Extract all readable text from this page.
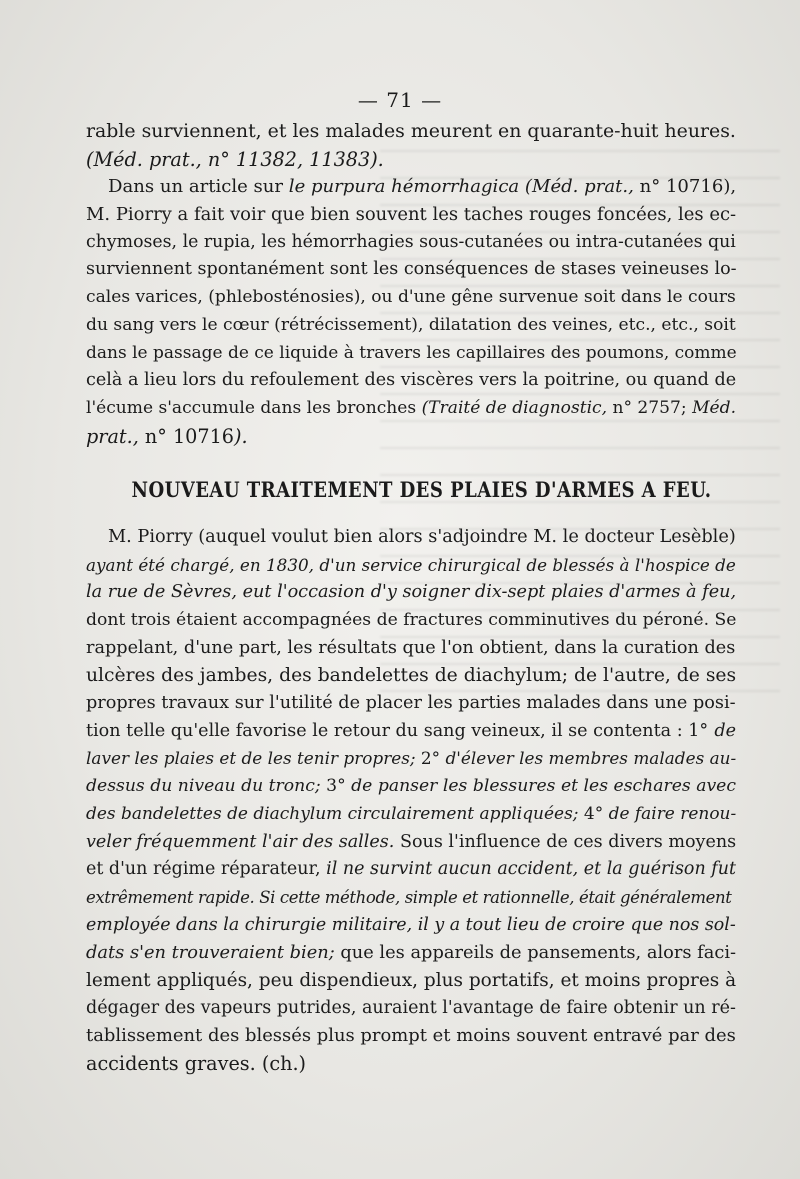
— 71 —
rable surviennent, et les malades meurent en quarante-huit heures.
(Méd. prat., n° 11382, 11383).
Dans un article sur le purpura hémorrhagica (Méd. prat., n° 10716),
M. Piorry a fait voir que bien souvent les taches rouges foncées, les ec-
chymoses, le rupia, les hémorrhagies sous-cutanées ou intra-cutanées qui
surviennent spontanément sont les conséquences de stases veineuses lo-
cales varices, (phlebosténosies), ou d'une gêne survenue soit dans le cours
du sang vers le cœur (rétrécissement), dilatation des veines, etc., etc., soit
dans le passage de ce liquide à travers les capillaires des poumons, comme
celà a lieu lors du refoulement des viscères vers la poitrine, ou quand de
l'écume s'accumule dans les bronches (Traité de diagnostic, n° 2757; Méd.
prat., n° 10716 ).
NOUVEAU TRAITEMENT DES PLAIES D'ARMES A FEU.
M. Piorry (auquel voulut bien alors s'adjoindre M. le docteur Lesèble)
ayant été chargé, en 1830, d'un service chirurgical de blessés à l'hospice de
la rue de Sèvres, eut l'occasion d'y soigner dix-sept plaies d'armes à feu,
dont trois étaient accompagnées de fractures comminutives du péroné. Se
rappelant, d'une part, les résultats que l'on obtient, dans la curation des
ulcères des jambes, des bandelettes de diachylum; de l'autre, de ses
propres travaux sur l'utilité de placer les parties malades dans une posi-
tion telle qu'elle favorise le retour du sang veineux, il se contenta : 1° de
laver les plaies et de les tenir propres; 2° d'élever les membres malades au-
dessus du niveau du tronc; 3° de panser les blessures et les eschares avec
des bandelettes de diachylum circulairement appliquées; 4° de faire renou-
veler fréquemment l'air des salles. Sous l'influence de ces divers moyens
et d'un régime réparateur, il ne survint aucun accident, et la guérison fut
extrêmement rapide. Si cette méthode, simple et rationnelle, était généralement
employée dans la chirurgie militaire, il y a tout lieu de croire que nos sol-
dats s'en trouveraient bien; que les appareils de pansements, alors faci-
lement appliqués, peu dispendieux, plus portatifs, et moins propres à
dégager des vapeurs putrides, auraient l'avantage de faire obtenir un ré-
tablissement des blessés plus prompt et moins souvent entravé par des
accidents graves. (ch.)
